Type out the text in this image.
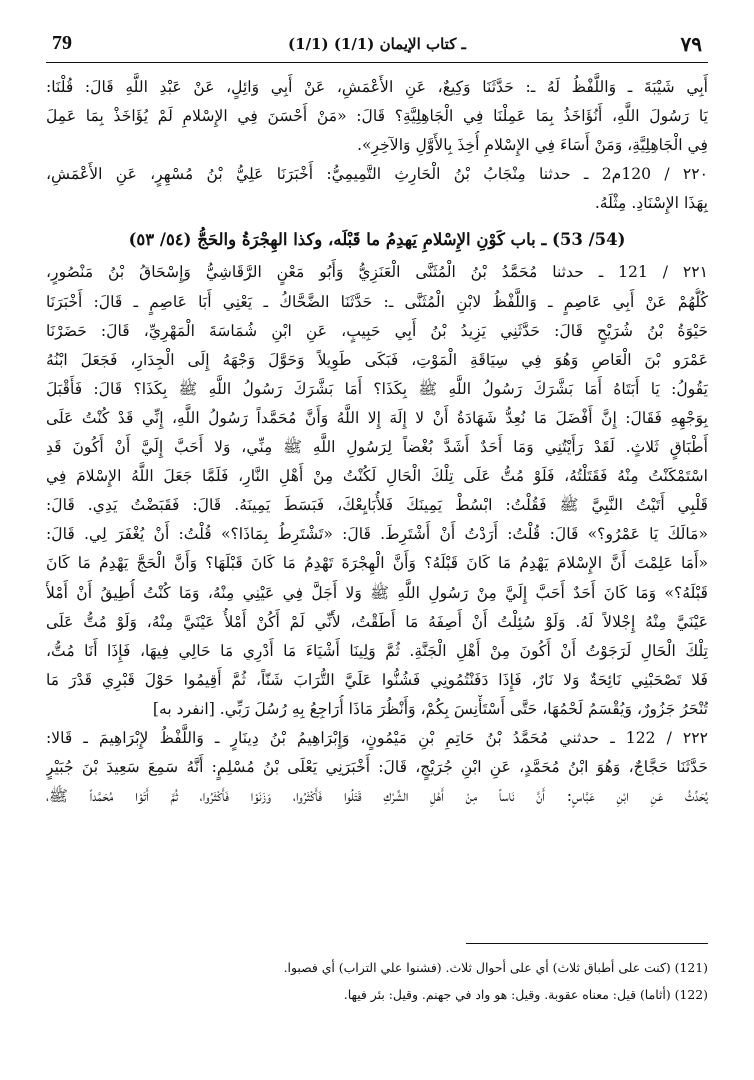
٧٩
(1/1) ـ كتاب الإيمان (1/1)
79
أَبِي شَيْبَةَ ـ وَاللَّفْظُ لَهُ ـ: حَدَّثَنَا وَكِيعٌ، عَنِ الأَعْمَشِ، عَنْ أَبِي وَائِلٍ، عَنْ عَبْدِ اللَّهِ قَالَ: قُلْنَا:
يَا رَسُولَ اللَّهِ، أَنُؤَاخَذُ بِمَا عَمِلْنَا فِي الْجَاهِلِيَّةِ؟ قَالَ: «مَنْ أَحْسَنَ فِي الإِسْلامِ لَمْ يُؤَاخَذْ بِمَا عَمِلَ
فِي الْجَاهِلِيَّةِ، وَمَنْ أَسَاءَ فِي الإِسْلامِ أُخِذَ بِالأَوَّلِ وَالآخِرِ».
٢٢٠ / 120م2 ـ حدثنا مِنْجَابُ بْنُ الْحَارِثِ التَّمِيمِيُّ: أَخْبَرَنَا عَلِيُّ بْنُ مُسْهِرٍ، عَنِ الأَعْمَشِ،
بِهَذَا الإِسْنَادِ. مِثْلَهُ.
(54/ 53) ـ باب كَوْنِ الإِسْلامِ يَهدِمُ ما قَبْلَه، وكذا الهِجْرَةُ والحَجُّ (٥٤/ ٥٣)
٢٢١ / 121 ـ حدثنا مُحَمَّدُ بْنُ الْمُثَنَّى الْعَنَزِيُّ وَأَبُو مَعْنٍ الرَّقَاشِيُّ وَإِسْحَاقُ بْنُ مَنْصُورٍ،
كُلُّهُمْ عَنْ أَبِي عَاصِمٍ ـ وَاللَّفْظُ لابْنِ الْمُثَنَّى ـ: حَدَّثَنَا الضَّحَّاكُ ـ يَعْنِي أَبَا عَاصِمٍ ـ قَالَ: أَخْبَرَنَا
حَيْوَةُ بْنُ شُرَيْحٍ قَالَ: حَدَّثَنِي يَزِيدُ بْنُ أَبِي حَبِيبٍ، عَنِ ابْنِ شُمَاسَةَ الْمَهْرِيِّ، قَالَ: حَضَرْنَا
عَمْرَو بْنَ الْعَاصِ وَهُوَ فِي سِيَاقَةِ الْمَوْتِ، فَبَكَى طَوِيلاً وَحَوَّلَ وَجْهَهُ إِلَى الْجِدَارِ، فَجَعَلَ ابْنُهُ
يَقُولُ: يَا أَبَتَاهُ أَمَا بَشَّرَكَ رَسُولُ اللَّهِ ﷺ بِكَذَا؟ أَمَا بَشَّرَكَ رَسُولُ اللَّهِ ﷺ بِكَذَا؟ قَالَ: فَأَقْبَلَ
بِوَجْهِهِ فَقَالَ: إِنَّ أَفْضَلَ مَا نُعِدُّ شَهَادَةُ أَنْ لا إِلَهَ إِلا اللَّهُ وَأَنَّ مُحَمَّداً رَسُولُ اللَّهِ، إِنِّي قَدْ كُنْتُ عَلَى
أَطْبَاقٍ ثَلاثٍ. لَقَدْ رَأَيْتُنِي وَمَا أَحَدٌ أَشَدَّ بُغْضاً لِرَسُولِ اللَّهِ ﷺ مِنِّي، وَلا أَحَبَّ إِلَيَّ أَنْ أَكُونَ قَدِ
اسْتَمْكَنْتُ مِنْهُ فَقَتَلْتُهُ، فَلَوْ مُتُّ عَلَى تِلْكَ الْحَالِ لَكُنْتُ مِنْ أَهْلِ النَّارِ، فَلَمَّا جَعَلَ اللَّهُ الإِسْلامَ فِي
قَلْبِي أَتَيْتُ النَّبِيَّ ﷺ فَقُلْتُ: ابْسُطْ يَمِينَكَ فَلأُبَايِعْكَ، فَبَسَطَ يَمِينَهُ. قَالَ: فَقَبَضْتُ يَدِي. قَالَ:
«مَالَكَ يَا عَمْرُو؟» قَالَ: قُلْتُ: أَرَدْتُ أَنْ أَشْتَرِطَ. قَالَ: «تَشْتَرِطُ بِمَاذَا؟» قُلْتُ: أَنْ يُغْفَرَ لِي. قَالَ:
«أَمَا عَلِمْتَ أَنَّ الإِسْلامَ يَهْدِمُ مَا كَانَ قَبْلَهُ؟ وَأَنَّ الْهِجْرَةَ تَهْدِمُ مَا كَانَ قَبْلَهَا؟ وَأَنَّ الْحَجَّ يَهْدِمُ مَا كَانَ
قَبْلَهُ؟» وَمَا كَانَ أَحَدٌ أَحَبَّ إِلَيَّ مِنْ رَسُولِ اللَّهِ ﷺ وَلا أَجَلَّ فِي عَيْنِي مِنْهُ، وَمَا كُنْتُ أُطِيقُ أَنْ أَمْلأَ
عَيْنَيَّ مِنْهُ إِجْلالاً لَهُ. وَلَوْ سُئِلْتُ أَنْ أَصِفَهُ مَا أَطَقْتُ، لأَنِّي لَمْ أَكُنْ أَمْلأُ عَيْنَيَّ مِنْهُ، وَلَوْ مُتُّ عَلَى
تِلْكَ الْحَالِ لَرَجَوْتُ أَنْ أَكُونَ مِنْ أَهْلِ الْجَنَّةِ. ثُمَّ وَلِينَا أَشْيَاءَ مَا أَدْرِي مَا حَالِي فِيهَا، فَإِذَا أَنَا مُتُّ،
فَلا تَصْحَبْنِي نَائِحَةٌ وَلا نَارٌ، فَإِذَا دَفَنْتُمُونِي فَشُنُّوا عَلَيَّ التُّرَابَ شَنّاً، ثُمَّ أَقِيمُوا حَوْلَ قَبْرِي قَدْرَ مَا
تُنْحَرُ جَزُورٌ، وَيُقْسَمُ لَحْمُهَا، حَتَّى أَسْتَأْنِسَ بِكُمْ، وَأَنْظُرَ مَاذَا أُرَاجِعُ بِهِ رُسُلَ رَبِّي. [انفرد به]
٢٢٢ / 122 ـ حدثني مُحَمَّدُ بْنُ حَاتِمِ بْنِ مَيْمُونٍ، وَإِبْرَاهِيمُ بْنُ دِينَارٍ ـ وَاللَّفْظُ لإِبْرَاهِيمَ ـ قَالا:
حَدَّثَنَا حَجَّاجٌ، وَهُوَ ابْنُ مُحَمَّدٍ، عَنِ ابْنِ جُرَيْجٍ، قَالَ: أَخْبَرَنِي يَعْلَى بْنُ مُسْلِمٍ: أَنَّهُ سَمِعَ سَعِيدَ بْنَ جُبَيْرٍ
يُحَدِّثُ عَنِ ابْنِ عَبَّاسٍ: أَنَّ نَاساً مِنْ أَهْلِ الشِّرْكِ قَتَلُوا فَأَكْثَرُوا، وَزَنَوْا فَأَكْثَرُوا، ثُمَّ أَتَوْا مُحَمَّداً ﷺ،
(121) (كنت على أطباق ثلاث) أي على أحوال ثلاث. (فشنوا علي التراب) أي فصبوا.
(122) (أثاما) قيل: معناه عقوبة. وقيل: هو واد في جهنم. وقيل: بئر فيها.
